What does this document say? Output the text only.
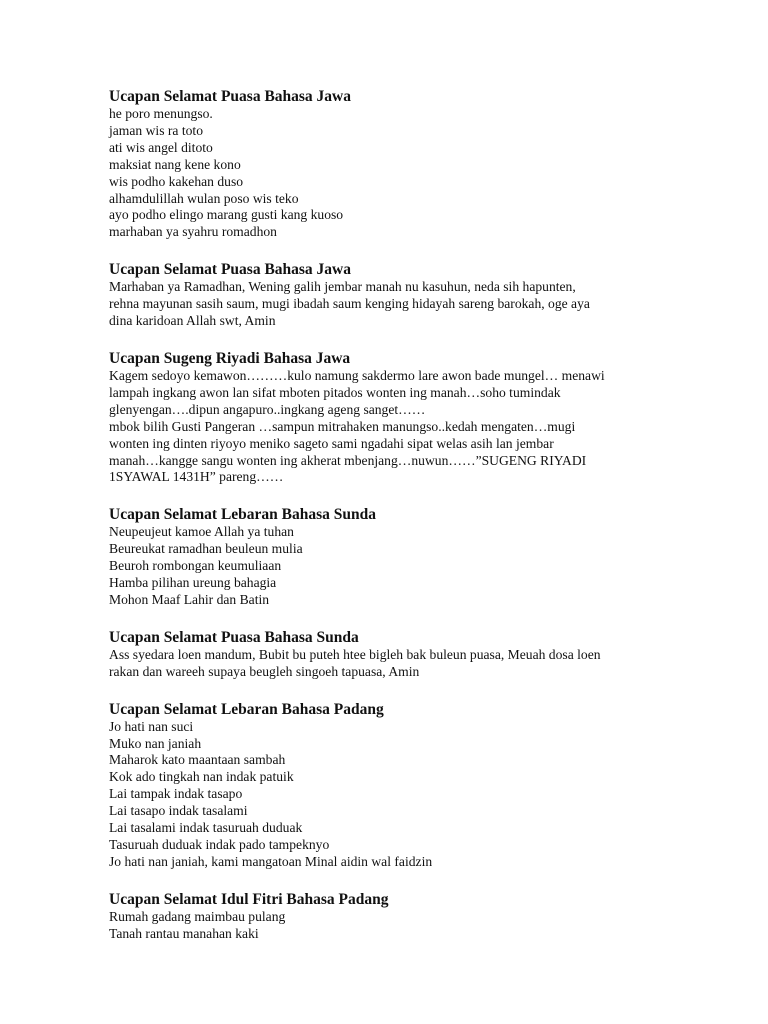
Ucapan Selamat Puasa Bahasa Jawa
he poro menungso.
jaman wis ra toto
ati wis angel ditoto
maksiat nang kene kono
wis podho kakehan duso
alhamdulillah wulan poso wis teko
ayo podho elingo marang gusti kang kuoso
marhaban ya syahru romadhon
Ucapan Selamat Puasa Bahasa Jawa
Marhaban ya Ramadhan, Wening galih jembar manah nu kasuhun, neda sih hapunten,
rehna mayunan sasih saum, mugi ibadah saum kenging hidayah sareng barokah, oge aya
dina karidoan Allah swt, Amin
Ucapan Sugeng Riyadi Bahasa Jawa
Kagem sedoyo kemawon………kulo namung sakdermo lare awon bade mungel… menawi
lampah ingkang awon lan sifat mboten pitados wonten ing manah…soho tumindak
glenyengan….dipun angapuro..ingkang ageng sanget……
mbok bilih Gusti Pangeran …sampun mitrahaken manungso..kedah mengaten…mugi
wonten ing dinten riyoyo meniko sageto sami ngadahi sipat welas asih lan jembar
manah…kangge sangu wonten ing akherat mbenjang…nuwun……”SUGENG RIYADI
1SYAWAL 1431H” pareng……
Ucapan Selamat Lebaran Bahasa Sunda
Neupeujeut kamoe Allah ya tuhan
Beureukat ramadhan beuleun mulia
Beuroh rombongan keumuliaan
Hamba pilihan ureung bahagia
Mohon Maaf Lahir dan Batin
Ucapan Selamat Puasa Bahasa Sunda
Ass syedara loen mandum, Bubit bu puteh htee bigleh bak buleun puasa, Meuah dosa loen
rakan dan wareeh supaya beugleh singoeh tapuasa, Amin
Ucapan Selamat Lebaran Bahasa Padang
Jo hati nan suci
Muko nan janiah
Maharok kato maantaan sambah
Kok ado tingkah nan indak patuik
Lai tampak indak tasapo
Lai tasapo indak tasalami
Lai tasalami indak tasuruah duduak
Tasuruah duduak indak pado tampeknyo
Jo hati nan janiah, kami mangatoan Minal aidin wal faidzin
Ucapan Selamat Idul Fitri Bahasa Padang
Rumah gadang maimbau pulang
Tanah rantau manahan kaki
